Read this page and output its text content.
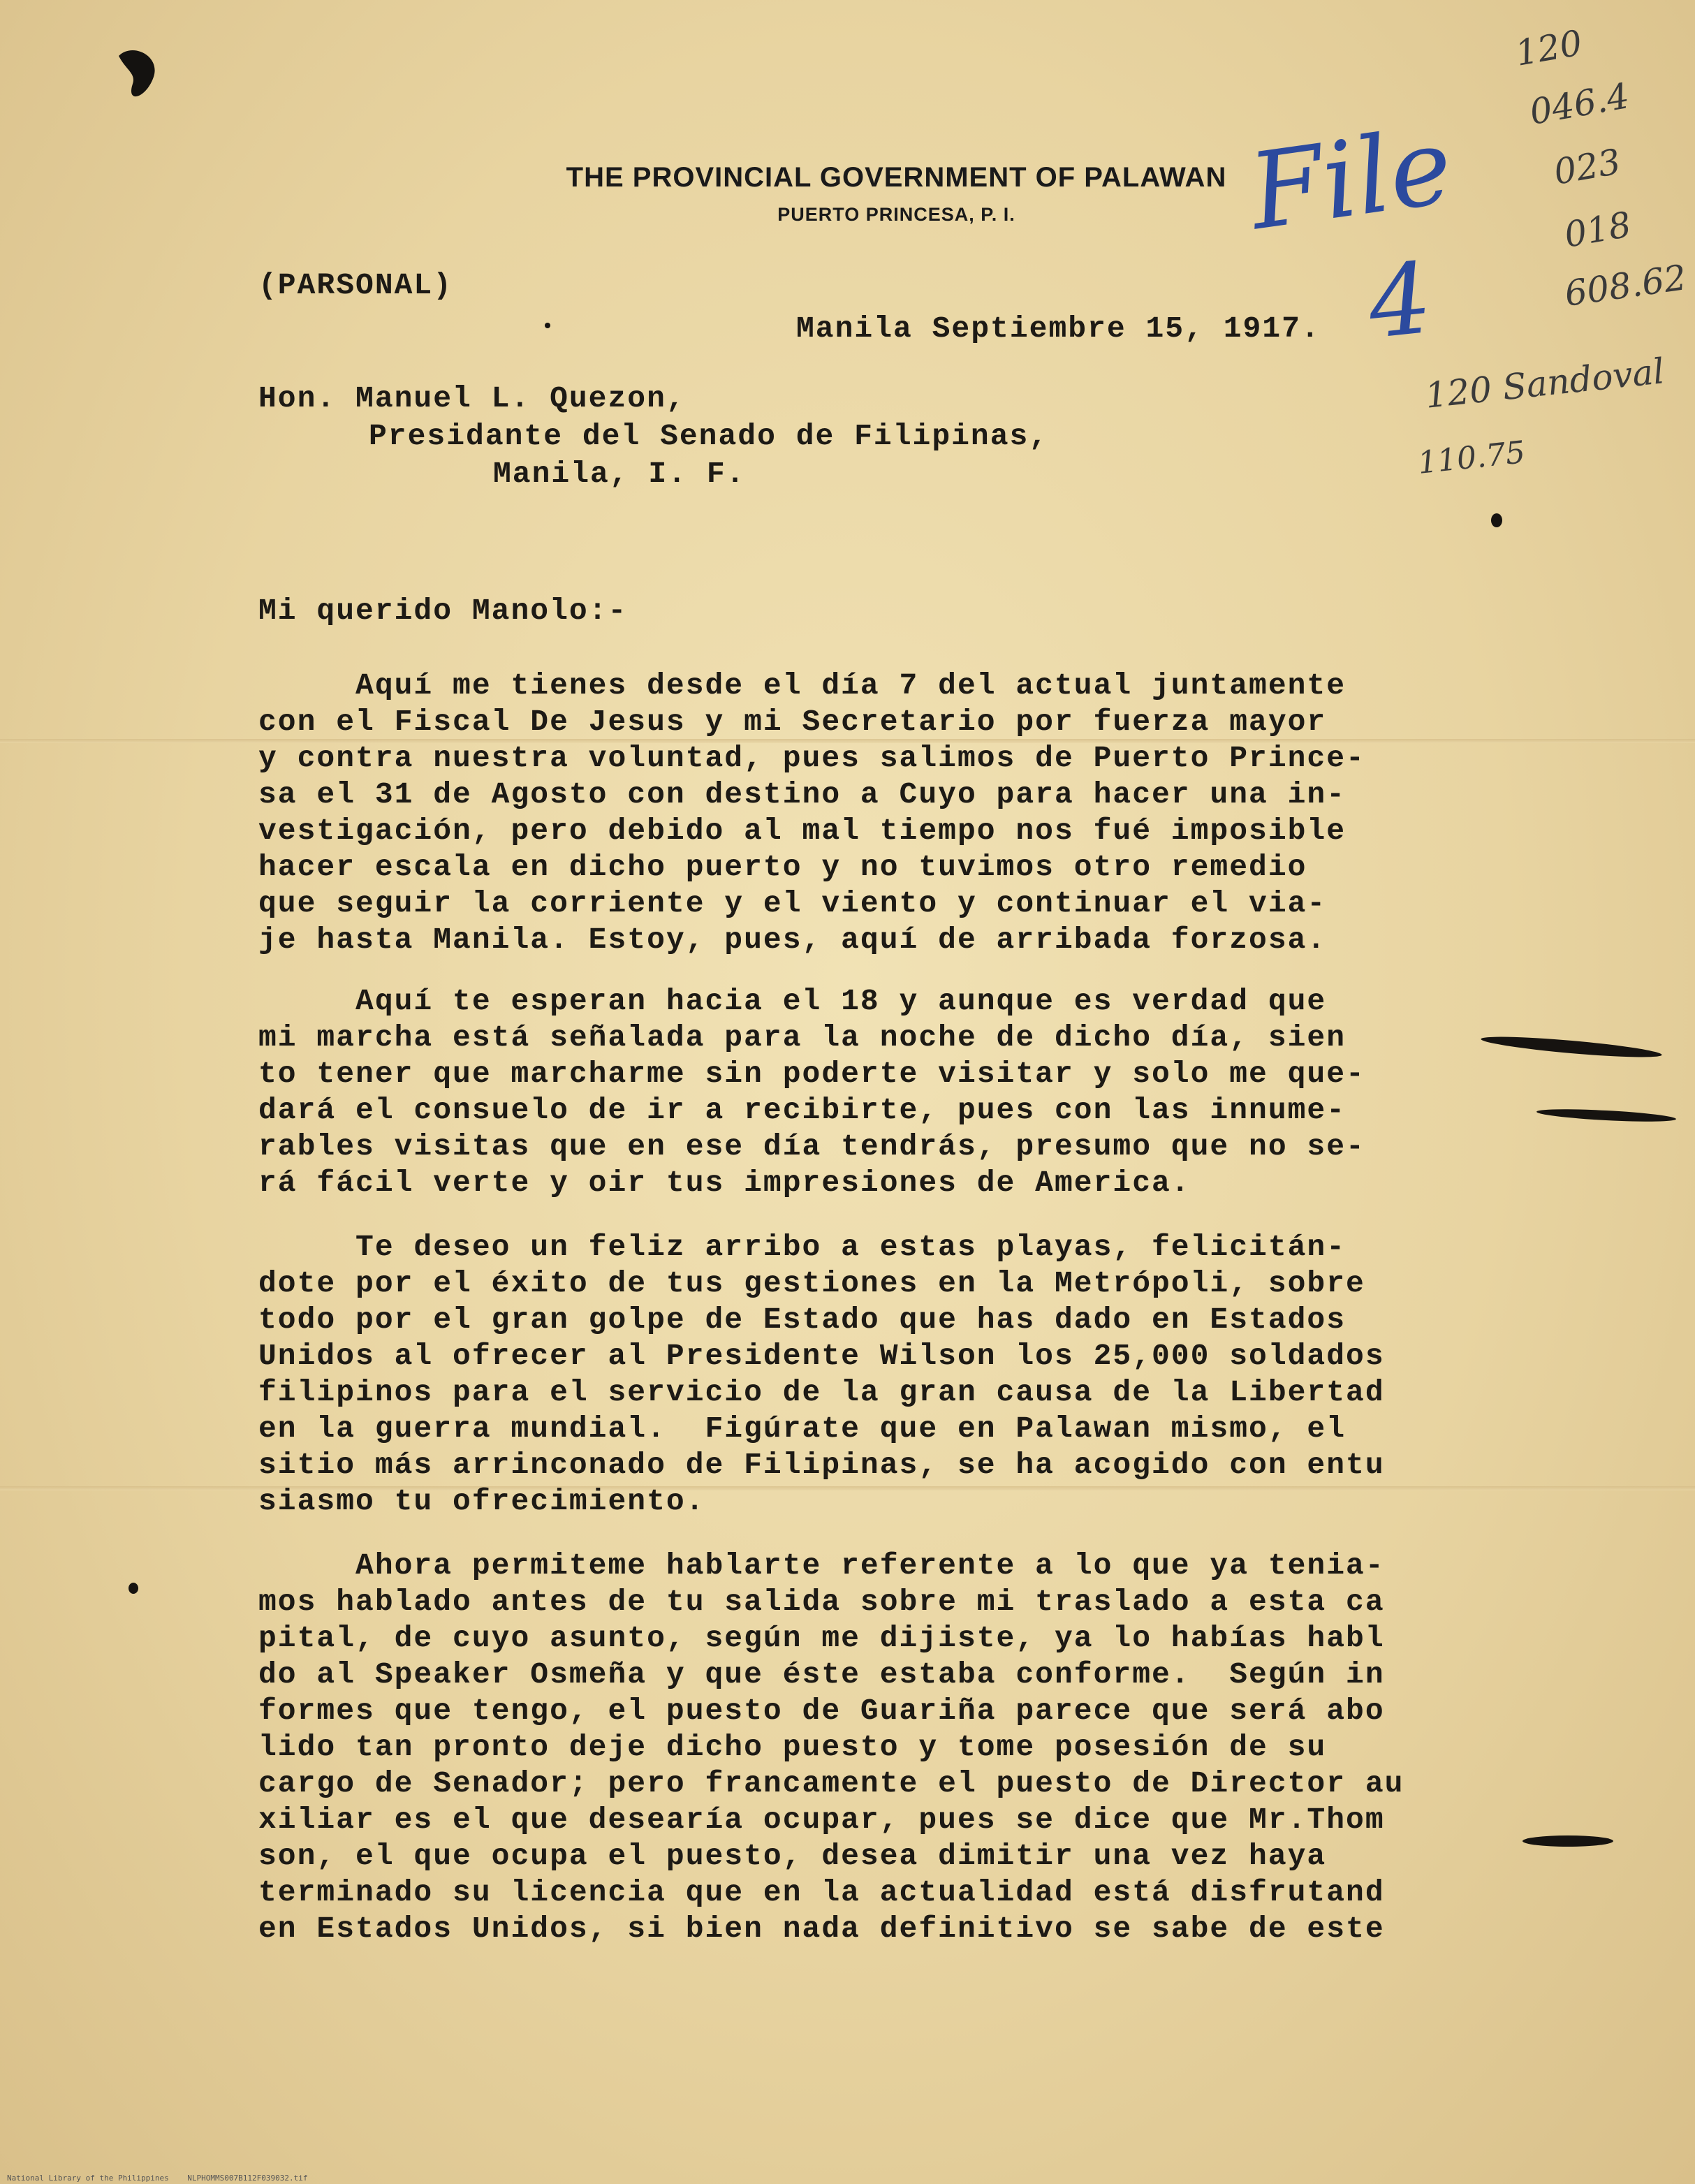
THE PROVINCIAL GOVERNMENT OF PALAWAN
PUERTO PRINCESA, P. I.
(PARSONAL)
Manila Septiembre 15, 1917.
Hon. Manuel L. Quezon,
Presidante del Senado de Filipinas,
Manila, I. F.
Mi querido Manolo:-
Aquí me tienes desde el día 7 del actual juntamente
con el Fiscal De Jesus y mi Secretario por fuerza mayor
y contra nuestra voluntad, pues salimos de Puerto Prince-
sa el 31 de Agosto con destino a Cuyo para hacer una in-
vestigación, pero debido al mal tiempo nos fué imposible
hacer escala en dicho puerto y no tuvimos otro remedio
que seguir la corriente y el viento y continuar el via-
je hasta Manila. Estoy, pues, aquí de arribada forzosa.
Aquí te esperan hacia el 18 y aunque es verdad que
mi marcha está señalada para la noche de dicho día, sien
to tener que marcharme sin poderte visitar y solo me que-
dará el consuelo de ir a recibirte, pues con las innume-
rables visitas que en ese día tendrás, presumo que no se-
rá fácil verte y oir tus impresiones de America.
Te deseo un feliz arribo a estas playas, felicitán-
dote por el éxito de tus gestiones en la Metrópoli, sobre
todo por el gran golpe de Estado que has dado en Estados
Unidos al ofrecer al Presidente Wilson los 25,000 soldados
filipinos para el servicio de la gran causa de la Libertad
en la guerra mundial.  Figúrate que en Palawan mismo, el
sitio más arrinconado de Filipinas, se ha acogido con entu
siasmo tu ofrecimiento.
Ahora permiteme hablarte referente a lo que ya teniа-
mos hablado antes de tu salida sobre mi traslado a esta ca
pital, de cuyo asunto, según me dijiste, ya lo habías habl
do al Speaker Osmeña y que éste estaba conforme.  Según in
formes que tengo, el puesto de Guariña parece que será abo
lido tan pronto deje dicho puesto y tome posesión de su
cargo de Senador; pero francamente el puesto de Director au
xiliar es el que desearía ocupar, pues se dice que Mr.Thom
son, el que ocupa el puesto, desea dimitir una vez haya
terminado su licencia que en la actualidad está disfrutand
en Estados Unidos, si bien nada definitivo se sabe de este
File
4
120
046.4
023
018
608.62
120 Sandoval
110.75
National Library of the Philippines    NLPHOMMS007B112F039032.tif
